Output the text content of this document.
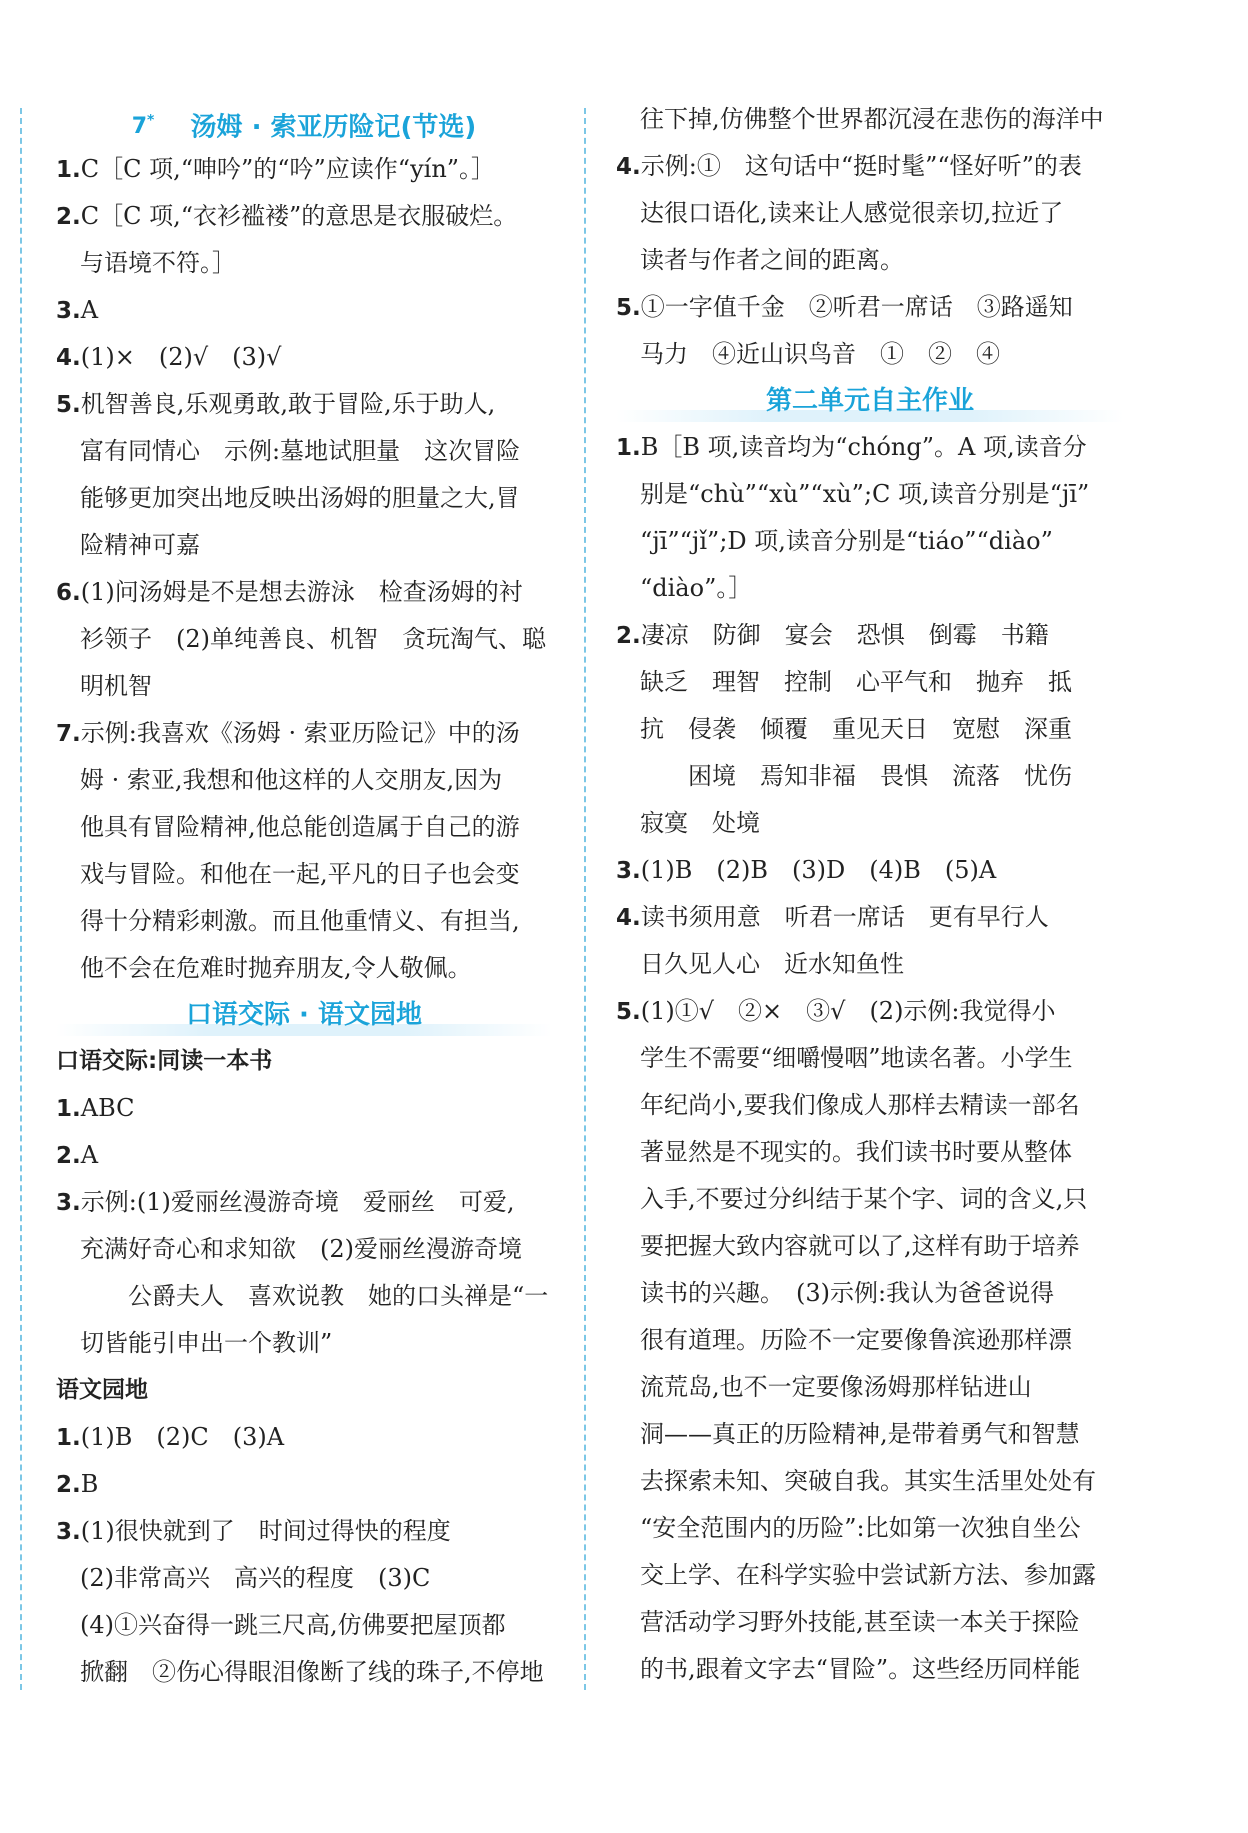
7* 汤姆 · 索亚历险记(节选)
1.C［C 项,“呻吟”的“吟”应读作“yín”。］
2.C［C 项,“衣衫褴褛”的意思是衣服破烂。
与语境不符。］
3.A
4.(1)×　(2)√　(3)√
5.机智善良,乐观勇敢,敢于冒险,乐于助人,
富有同情心　示例:墓地试胆量　这次冒险
能够更加突出地反映出汤姆的胆量之大,冒
险精神可嘉
6.(1)问汤姆是不是想去游泳　检查汤姆的衬
衫领子　(2)单纯善良、机智　贪玩淘气、聪
明机智
7.示例:我喜欢《汤姆 · 索亚历险记》中的汤
姆 · 索亚,我想和他这样的人交朋友,因为
他具有冒险精神,他总能创造属于自己的游
戏与冒险。和他在一起,平凡的日子也会变
得十分精彩刺激。而且他重情义、有担当,
他不会在危难时抛弃朋友,令人敬佩。
口语交际 · 语文园地
口语交际:同读一本书
1.ABC
2.A
3.示例:(1)爱丽丝漫游奇境　爱丽丝　可爱,
充满好奇心和求知欲　(2)爱丽丝漫游奇境
　公爵夫人　喜欢说教　她的口头禅是“一
切皆能引申出一个教训”
语文园地
1.(1)B　(2)C　(3)A
2.B
3.(1)很快就到了　时间过得快的程度
(2)非常高兴　高兴的程度　(3)C
(4)①兴奋得一跳三尺高,仿佛要把屋顶都
掀翻　②伤心得眼泪像断了线的珠子,不停地
往下掉,仿佛整个世界都沉浸在悲伤的海洋中
4.示例:①　这句话中“挺时髦”“怪好听”的表
达很口语化,读来让人感觉很亲切,拉近了
读者与作者之间的距离。
5.①一字值千金　②听君一席话　③路遥知
马力　④近山识鸟音　①　②　④
第二单元自主作业
1.B［B 项,读音均为“chóng”。A 项,读音分
别是“chù”“xù”“xù”;C 项,读音分别是“jī”
“jī”“jǐ”;D 项,读音分别是“tiáo”“diào”
“diào”。］
2.凄凉　防御　宴会　恐惧　倒霉　书籍
缺乏　理智　控制　心平气和　抛弃　抵
抗　侵袭　倾覆　重见天日　宽慰　深重
　困境　焉知非福　畏惧　流落　忧伤
寂寞　处境
3.(1)B　(2)B　(3)D　(4)B　(5)A
4.读书须用意　听君一席话　更有早行人
日久见人心　近水知鱼性
5.(1)①√　②×　③√　(2)示例:我觉得小
学生不需要“细嚼慢咽”地读名著。小学生
年纪尚小,要我们像成人那样去精读一部名
著显然是不现实的。我们读书时要从整体
入手,不要过分纠结于某个字、词的含义,只
要把握大致内容就可以了,这样有助于培养
读书的兴趣。　(3)示例:我认为爸爸说得
很有道理。历险不一定要像鲁滨逊那样漂
流荒岛,也不一定要像汤姆那样钻进山
洞——真正的历险精神,是带着勇气和智慧
去探索未知、突破自我。其实生活里处处有
“安全范围内的历险”:比如第一次独自坐公
交上学、在科学实验中尝试新方法、参加露
营活动学习野外技能,甚至读一本关于探险
的书,跟着文字去“冒险”。这些经历同样能
